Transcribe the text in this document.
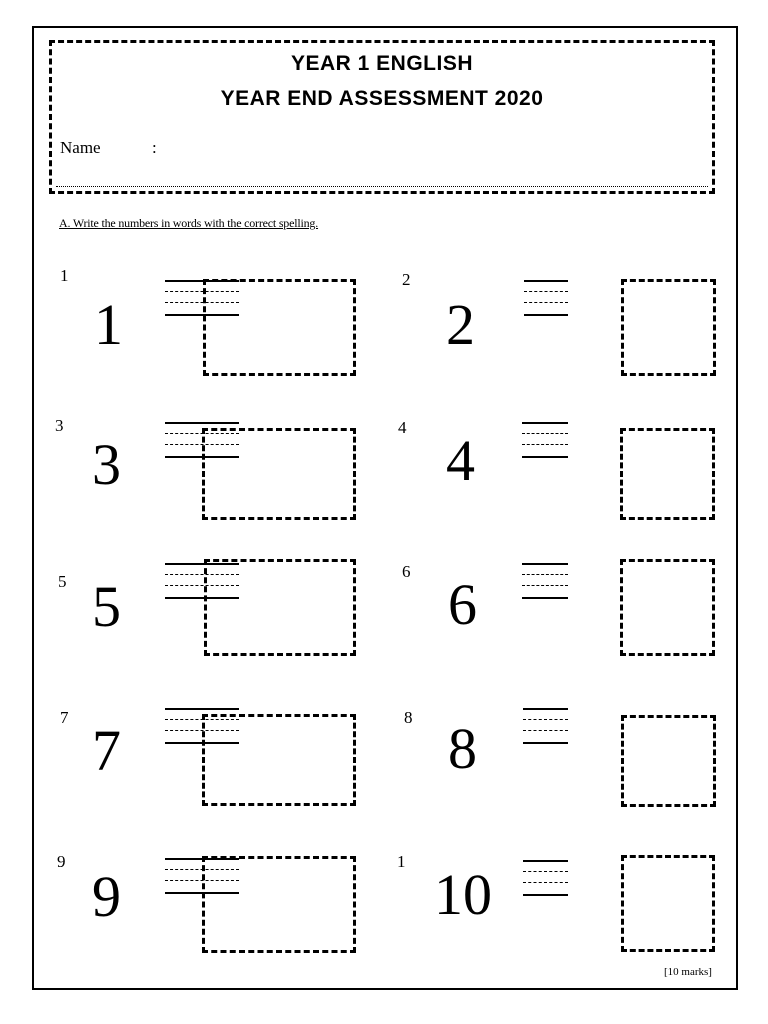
YEAR 1 ENGLISH
YEAR END ASSESSMENT 2020
Name	:
A. Write the numbers in words with the correct spelling.
1
1
2
2
3
3
4
4
5 5
6
6
7
7
8 8
9
9
1
10
[10 marks]
